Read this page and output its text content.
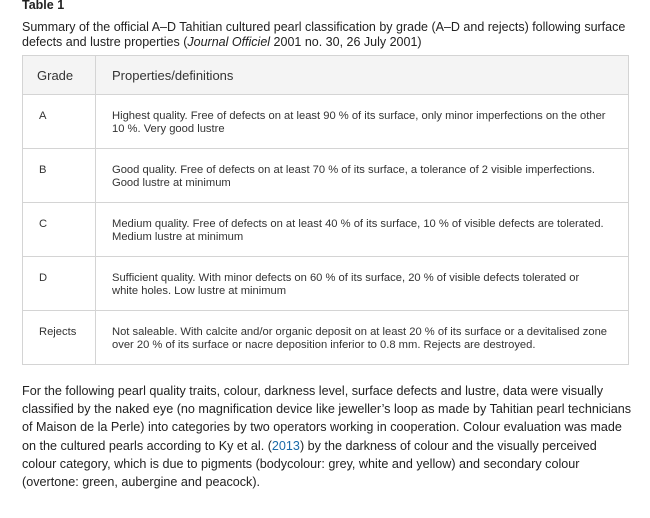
Table 1

Summary of the official A–D Tahitian cultured pearl classification by grade (A–D and rejects) following surface defects and lustre properties (Journal Officiel 2001 no. 30, 26 July 2001)

Grade	Properties/definitions
A	Highest quality. Free of defects on at least 90 % of its surface, only minor imperfections on the other 10 %. Very good lustre
B	Good quality. Free of defects on at least 70 % of its surface, a tolerance of 2 visible imperfections. Good lustre at minimum
C	Medium quality. Free of defects on at least 40 % of its surface, 10 % of visible defects are tolerated. Medium lustre at minimum
D	Sufficient quality. With minor defects on 60 % of its surface, 20 % of visible defects tolerated or white holes. Low lustre at minimum
Rejects	Not saleable. With calcite and/or organic deposit on at least 20 % of its surface or a devitalised zone over 20 % of its surface or nacre deposition inferior to 0.8 mm. Rejects are destroyed.

For the following pearl quality traits, colour, darkness level, surface defects and lustre, data were visually classified by the naked eye (no magnification device like jeweller’s loop as made by Tahitian pearl technicians of Maison de la Perle) into categories by two operators working in cooperation. Colour evaluation was made on the cultured pearls according to Ky et al. (2013) by the darkness of colour and the visually perceived colour category, which is due to pigments (bodycolour: grey, white and yellow) and secondary colour (overtone: green, aubergine and peacock).
